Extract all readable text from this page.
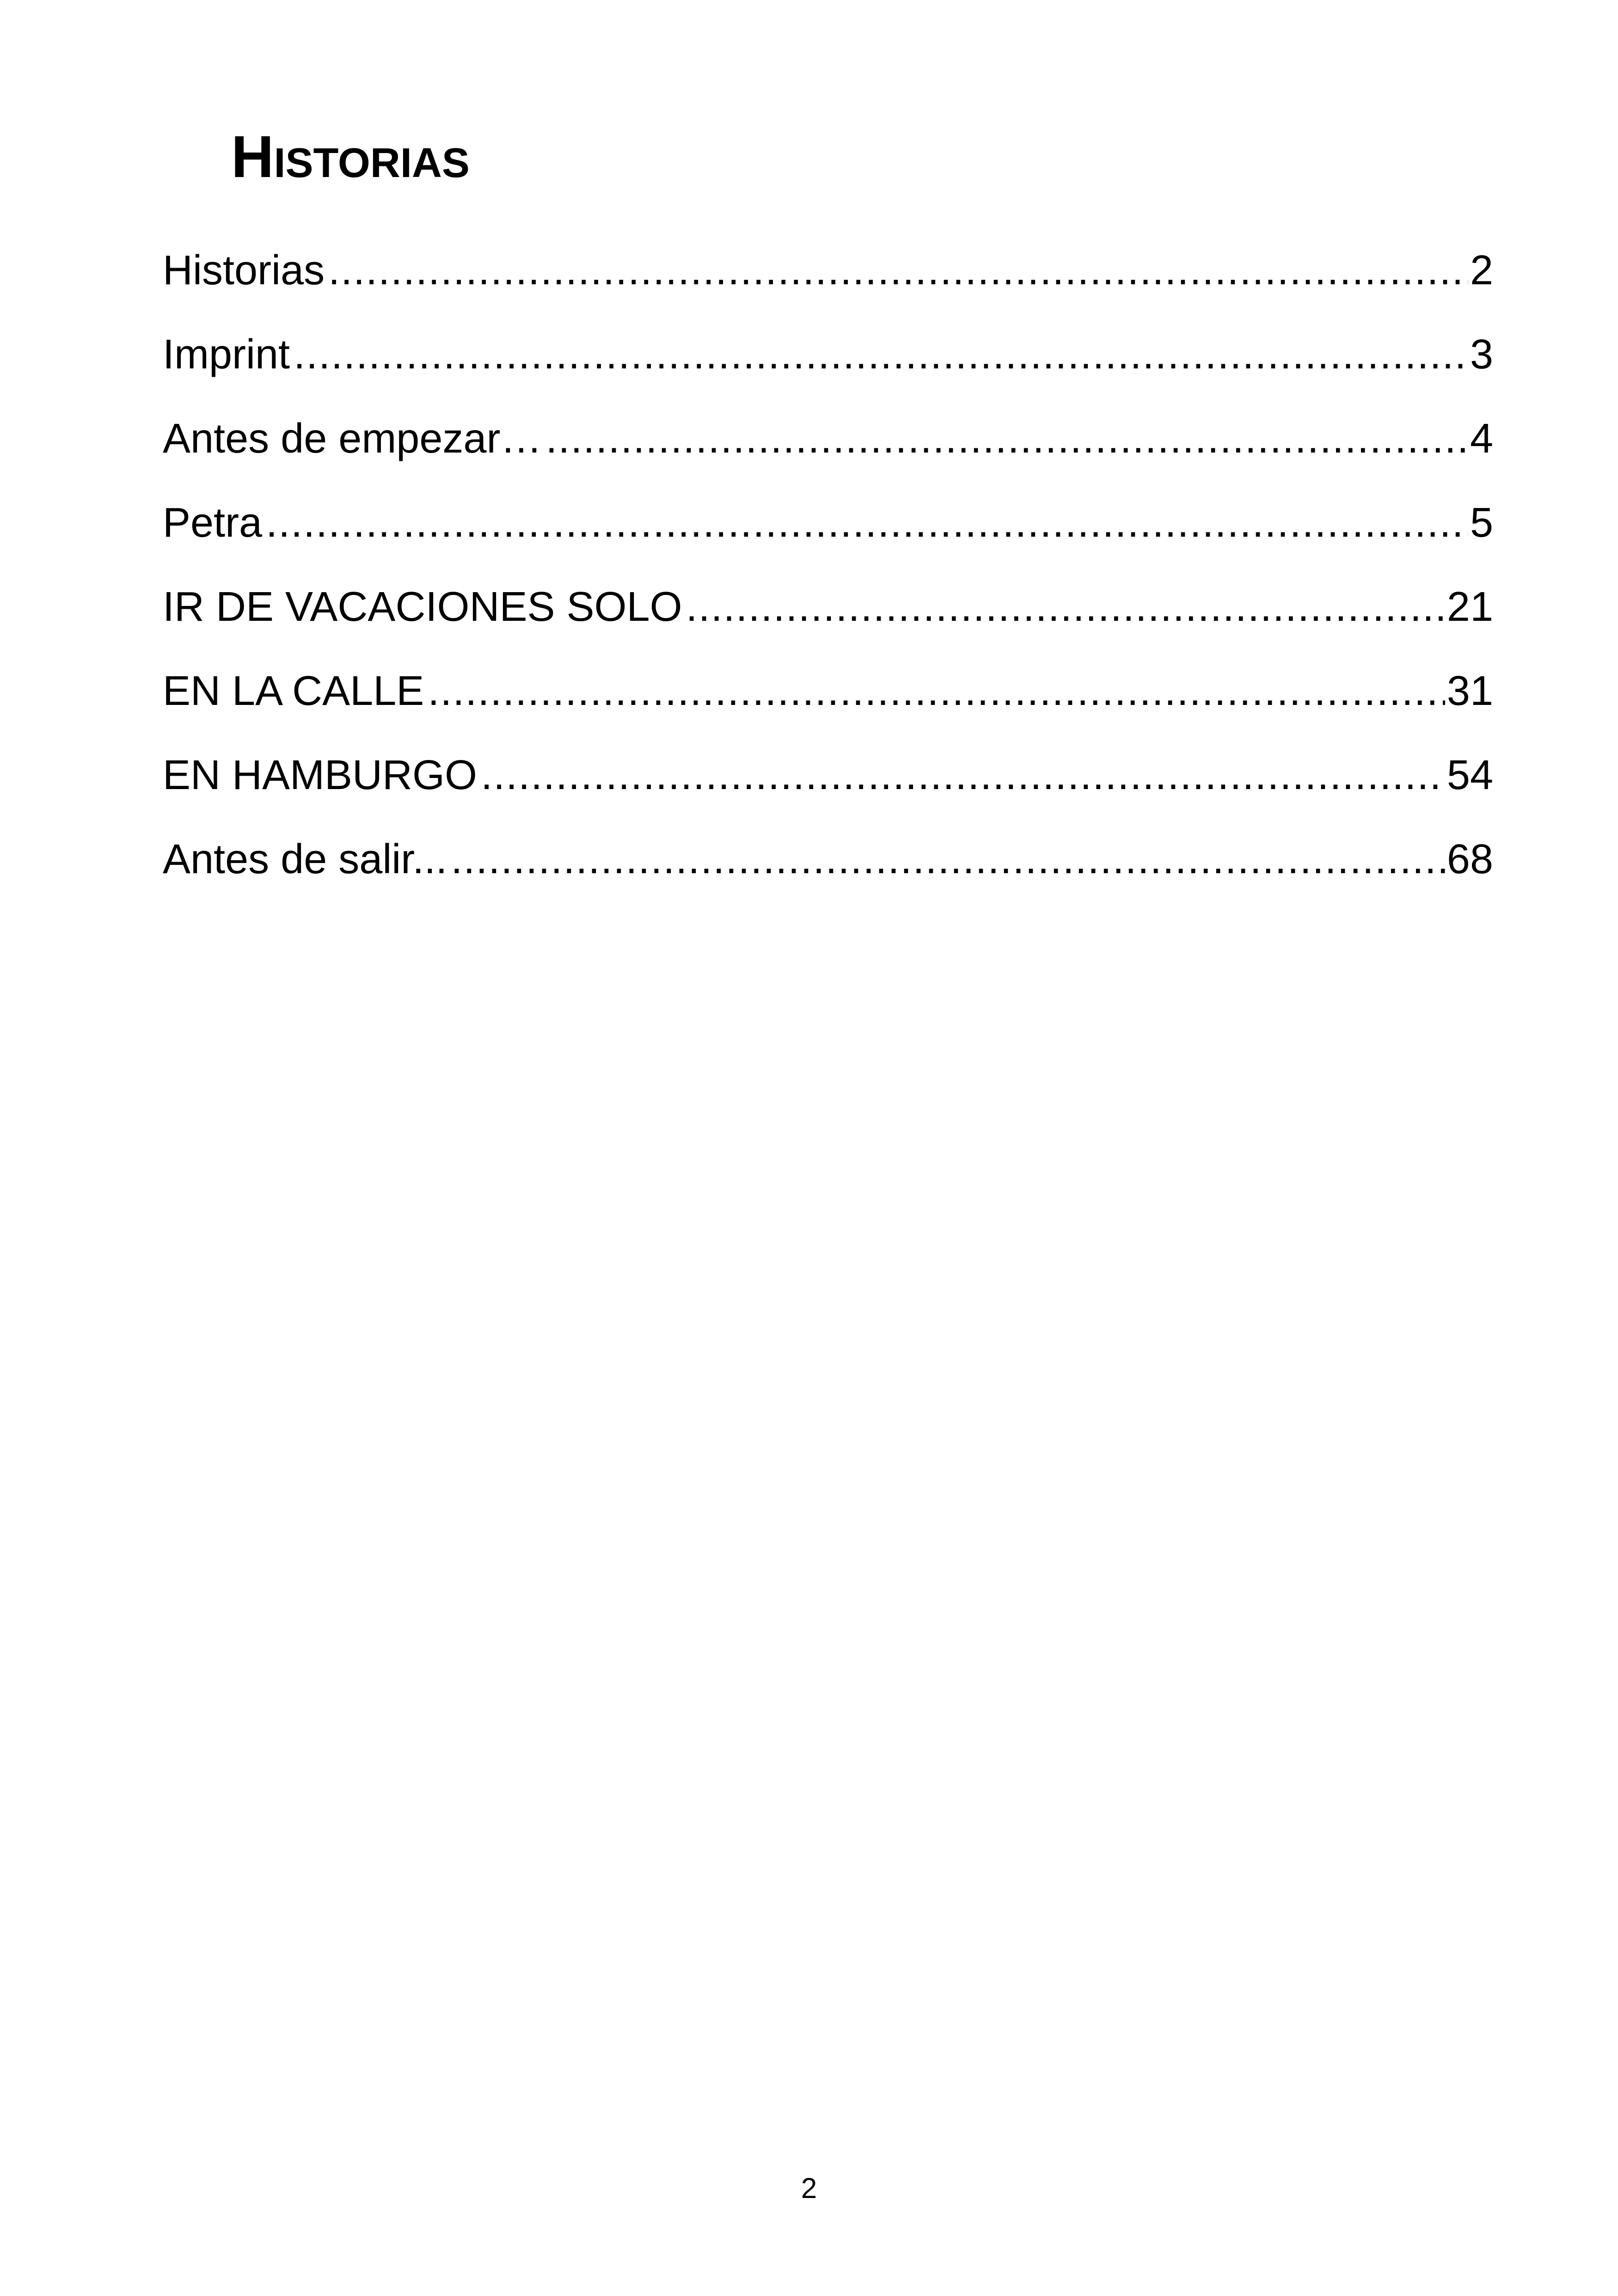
Historias
Historias .....	2
Imprint .....	3
Antes de empezar… .....	4
Petra .....	5
IR DE VACACIONES SOLO .....	21
EN LA CALLE .....	31
EN HAMBURGO .....	54
Antes de salir... .....	68

2
